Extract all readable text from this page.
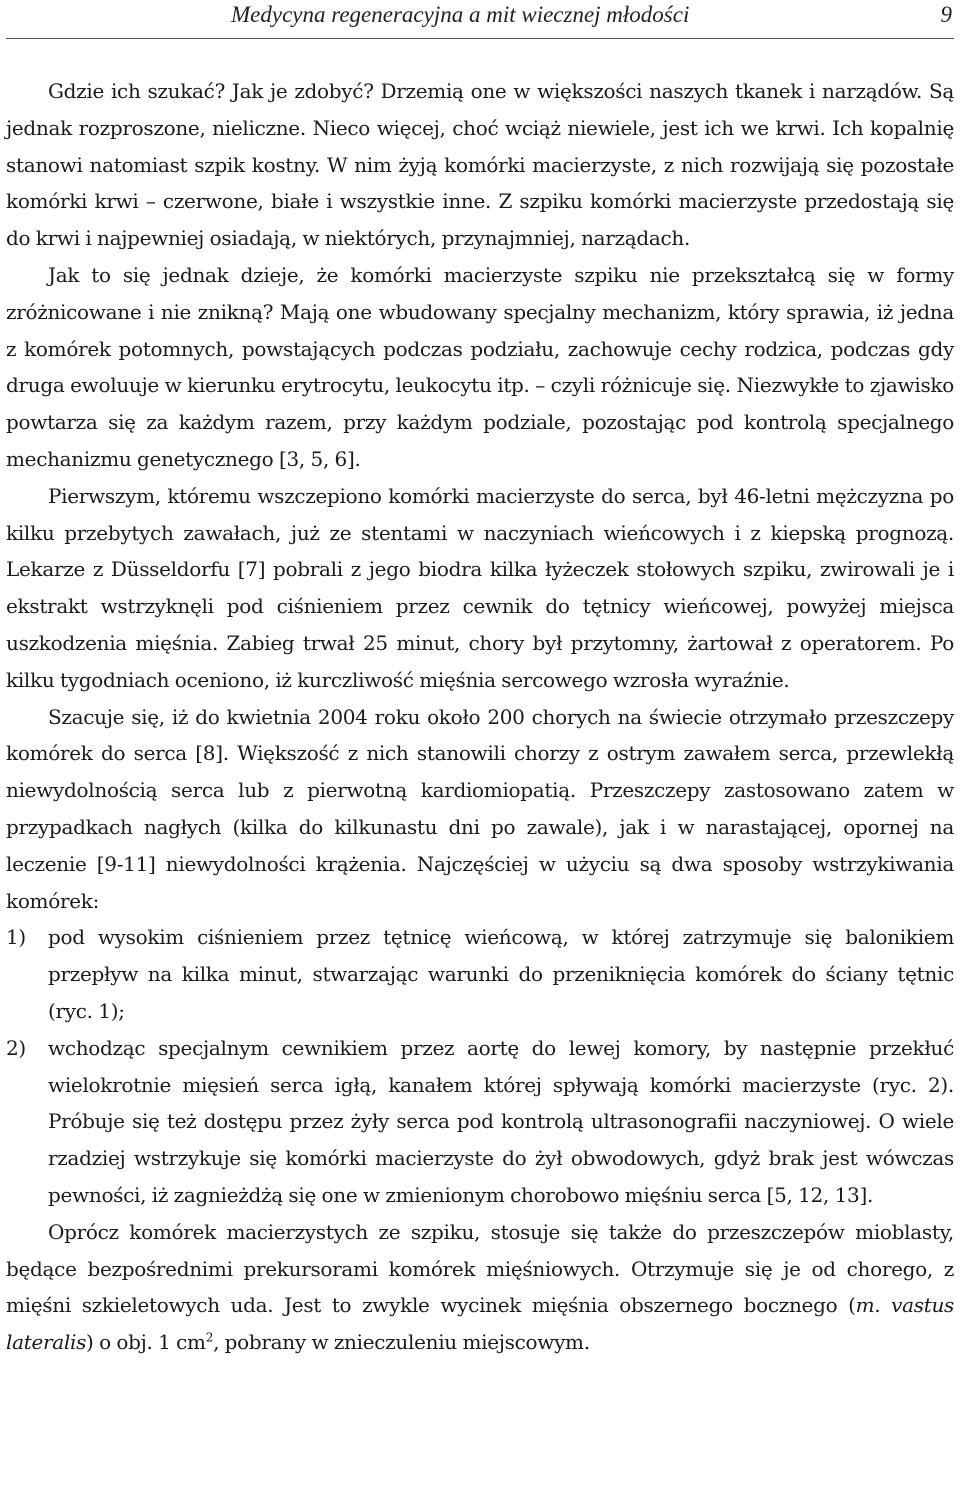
Medycyna regeneracyjna a mit wiecznej młodości	9

Gdzie ich szukać? Jak je zdobyć? Drzemią one w większości naszych tkanek i narządów. Są jednak rozproszone, nieliczne. Nieco więcej, choć wciąż niewiele, jest ich we krwi. Ich kopalnię stanowi natomiast szpik kostny. W nim żyją komórki macierzyste, z nich rozwijają się pozostałe komórki krwi – czerwone, białe i wszystkie inne. Z szpiku komórki macierzyste przedostają się do krwi i najpewniej osiadają, w niektórych, przynajmniej, narządach.

Jak to się jednak dzieje, że komórki macierzyste szpiku nie przekształcą się w formy zróżnicowane i nie znikną? Mają one wbudowany specjalny mechanizm, który sprawia, iż jedna z komórek potomnych, powstających podczas podziału, zachowuje cechy rodzica, podczas gdy druga ewoluuje w kierunku erytrocytu, leukocytu itp. – czyli różnicuje się. Niezwykłe to zjawisko powtarza się za każdym razem, przy każdym podziale, pozostając pod kontrolą specjalnego mechanizmu genetycznego [3, 5, 6].

Pierwszym, któremu wszczepiono komórki macierzyste do serca, był 46-letni mężczyzna po kilku przebytych zawałach, już ze stentami w naczyniach wieńcowych i z kiepską prognozą. Lekarze z Düsseldorfu [7] pobrali z jego biodra kilka łyżeczek stołowych szpiku, zwirowali je i ekstrakt wstrzyknęli pod ciśnieniem przez cewnik do tętnicy wieńcowej, powyżej miejsca uszkodzenia mięśnia. Zabieg trwał 25 minut, chory był przytomny, żartował z operatorem. Po kilku tygodniach oceniono, iż kurczliwość mięśnia sercowego wzrosła wyraźnie.

Szacuje się, iż do kwietnia 2004 roku około 200 chorych na świecie otrzymało przeszczepy komórek do serca [8]. Większość z nich stanowili chorzy z ostrym zawałem serca, przewlekłą niewydolnością serca lub z pierwotną kardiomiopatią. Przeszczepy zastosowano zatem w przypadkach nagłych (kilka do kilkunastu dni po zawale), jak i w narastającej, opornej na leczenie [9-11] niewydolności krążenia. Najczęściej w użyciu są dwa sposoby wstrzykiwania komórek:

1) pod wysokim ciśnieniem przez tętnicę wieńcową, w której zatrzymuje się balonikiem przepływ na kilka minut, stwarzając warunki do przeniknięcia komórek do ściany tętnic (ryc. 1);
2) wchodząc specjalnym cewnikiem przez aortę do lewej komory, by następnie przekłuć wielokrotnie mięsień serca igłą, kanałem której spływają komórki macierzyste (ryc. 2). Próbuje się też dostępu przez żyły serca pod kontrolą ultrasonografii naczyniowej. O wiele rzadziej wstrzykuje się komórki macierzyste do żył obwodowych, gdyż brak jest wówczas pewności, iż zagnieżdżą się one w zmienionym chorobowo mięśniu serca [5, 12, 13].

Oprócz komórek macierzystych ze szpiku, stosuje się także do przeszczepów mioblasty, będące bezpośrednimi prekursorami komórek mięśniowych. Otrzymuje się je od chorego, z mięśni szkieletowych uda. Jest to zwykle wycinek mięśnia obszernego bocznego (m. vastus lateralis) o obj. 1 $cm^2$, pobrany w znieczuleniu miejscowym.
